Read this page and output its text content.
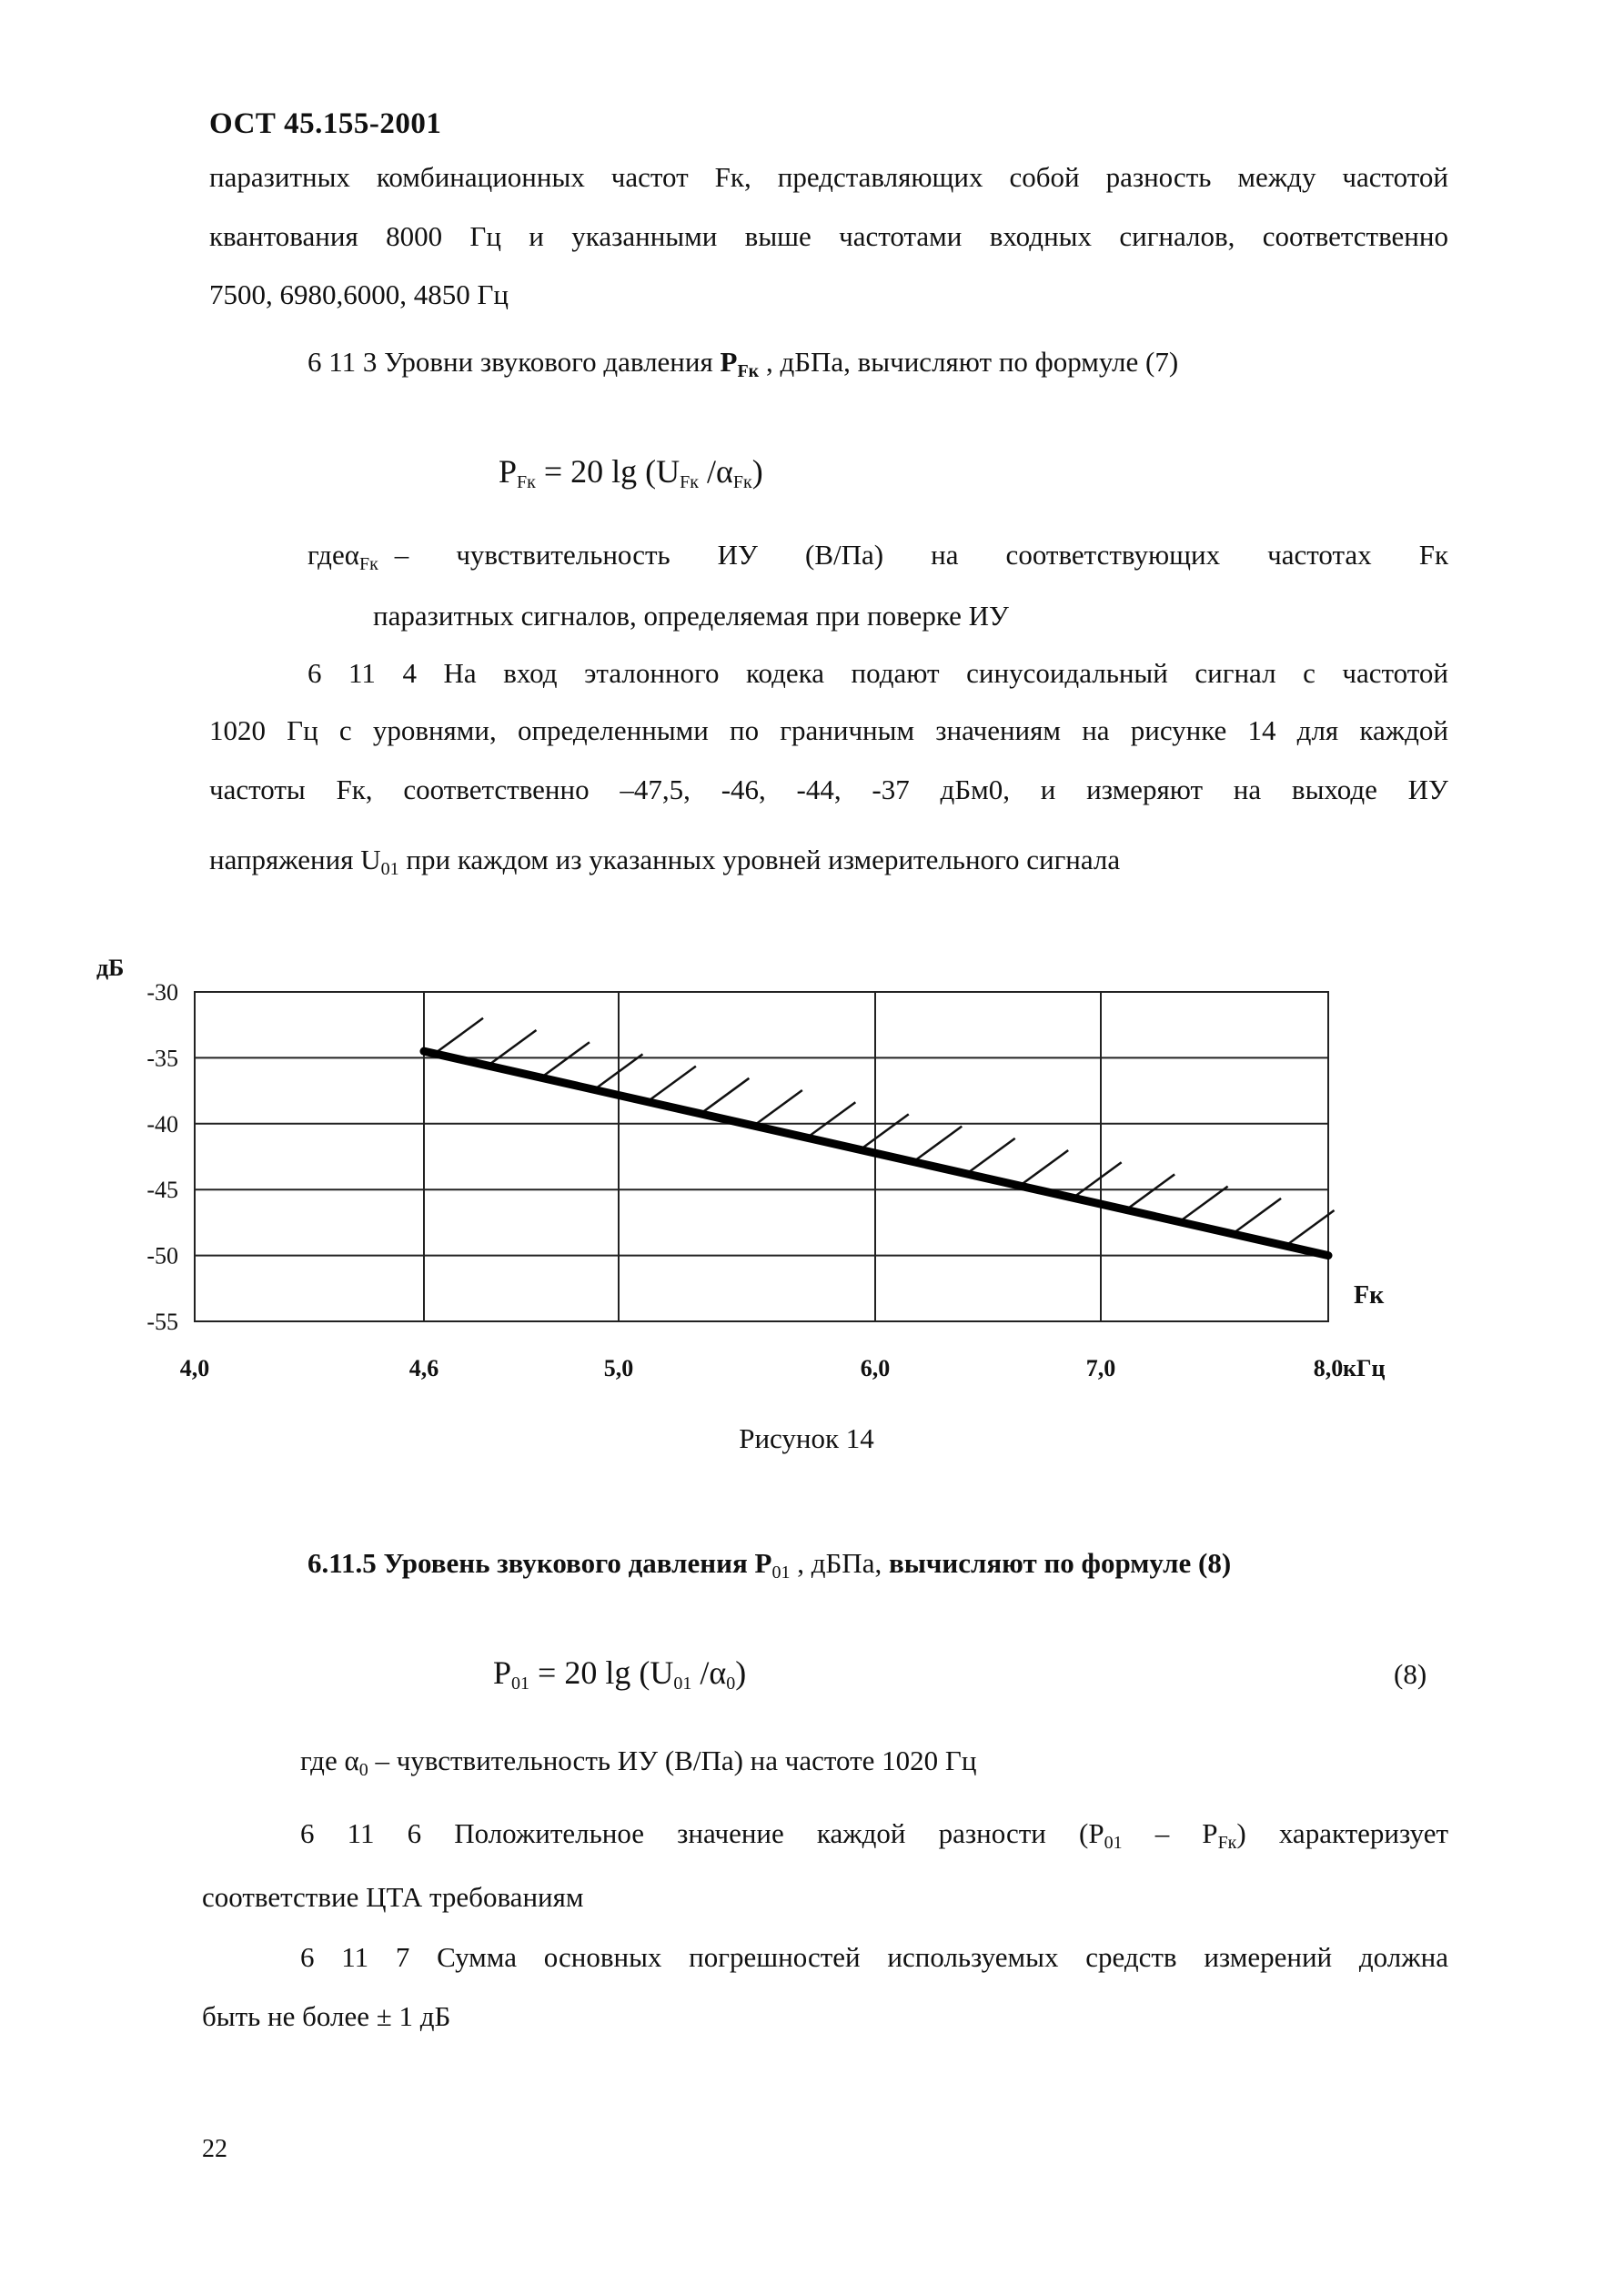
ОСТ 45.155-2001
паразитных комбинационных частот Fк, представляющих собой разность между частотой
квантования 8000 Гц и указанными выше частотами входных сигналов, соответственно
7500, 6980,6000, 4850 Гц
6 11 3 Уровни звукового давления $P_{Fк}$ , дБПа, вычисляют по формуле (7)
$P_{Fк} = 20$ $\lg (U_{Fк}$ $/\alpha_{Fк}$)
где $\alpha_{Fк}$ – чувствительность ИУ (В/Па) на соответствующих частотах Fк
паразитных сигналов, определяемая при поверке ИУ
6 11 4 На вход эталонного кодека подают синусоидальный сигнал с частотой
1020 Гц с уровнями, определенными по граничным значениям на рисунке 14 для каждой
частоты Fк, соответственно –47,5, -46, -44, -37 дБм0, и измеряют на выходе ИУ
напряжения $U_{01}$ при каждом из указанных уровней измерительного сигнала
-30
-35
-40
-45
-50
-55
4,0	4,6	5,0	6,0	7,0	8,0
дБ
Fк
кГц
Рисунок 14
6.11.5 Уровень звукового давления $P_{01}$ , дБПа, вычисляют по формуле (8)
$P_{01} = 20$ $\lg (U_{01}$ $/\alpha_0$)	(8)
где $\alpha_0$ – чувствительность ИУ (В/Па) на частоте 1020 Гц
6 11 6 Положительное значение каждой разности $(P_{01} - P_{Fк})$ характеризует
соответствие ЦТА требованиям
6 11 7 Сумма основных погрешностей используемых средств измерений должна
быть не более ± 1 дБ
22
